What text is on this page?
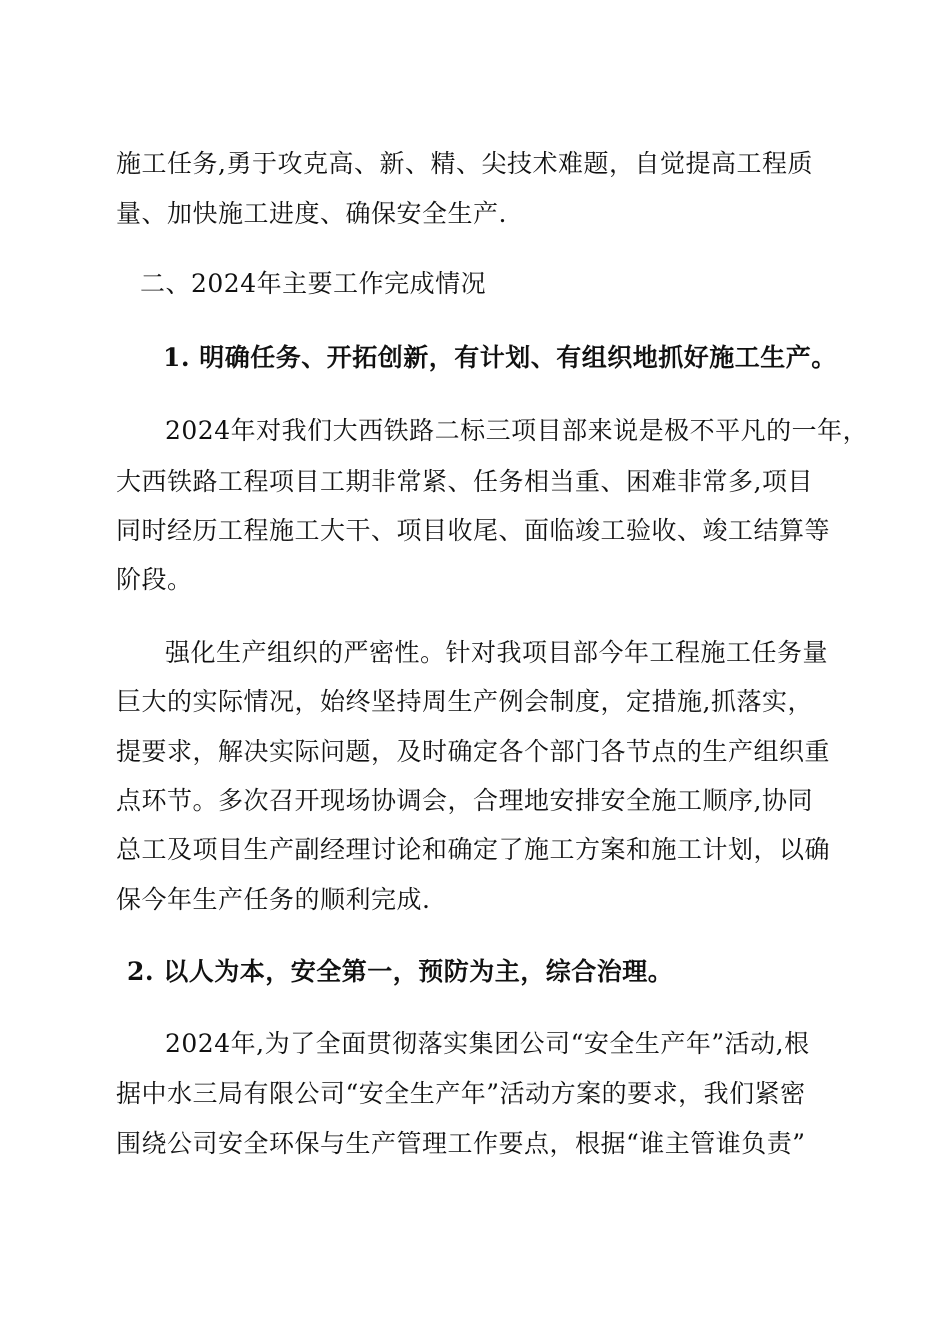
施工任务,勇于攻克高、新、精、尖技术难题，自觉提高工程质
量、加快施工进度、确保安全生产.
二、2024年主要工作完成情况
1. 明确任务、开拓创新，有计划、有组织地抓好施工生产。
2024年对我们大西铁路二标三项目部来说是极不平凡的一年，
大西铁路工程项目工期非常紧、任务相当重、困难非常多,项目
同时经历工程施工大干、项目收尾、面临竣工验收、竣工结算等
阶段。
强化生产组织的严密性。针对我项目部今年工程施工任务量
巨大的实际情况，始终坚持周生产例会制度，定措施,抓落实，
提要求，解决实际问题，及时确定各个部门各节点的生产组织重
点环节。多次召开现场协调会，合理地安排安全施工顺序,协同
总工及项目生产副经理讨论和确定了施工方案和施工计划，以确
保今年生产任务的顺利完成.
2. 以人为本，安全第一，预防为主，综合治理。
2024年,为了全面贯彻落实集团公司“安全生产年”活动,根
据中水三局有限公司“安全生产年”活动方案的要求，我们紧密
围绕公司安全环保与生产管理工作要点，根据“谁主管谁负责”
